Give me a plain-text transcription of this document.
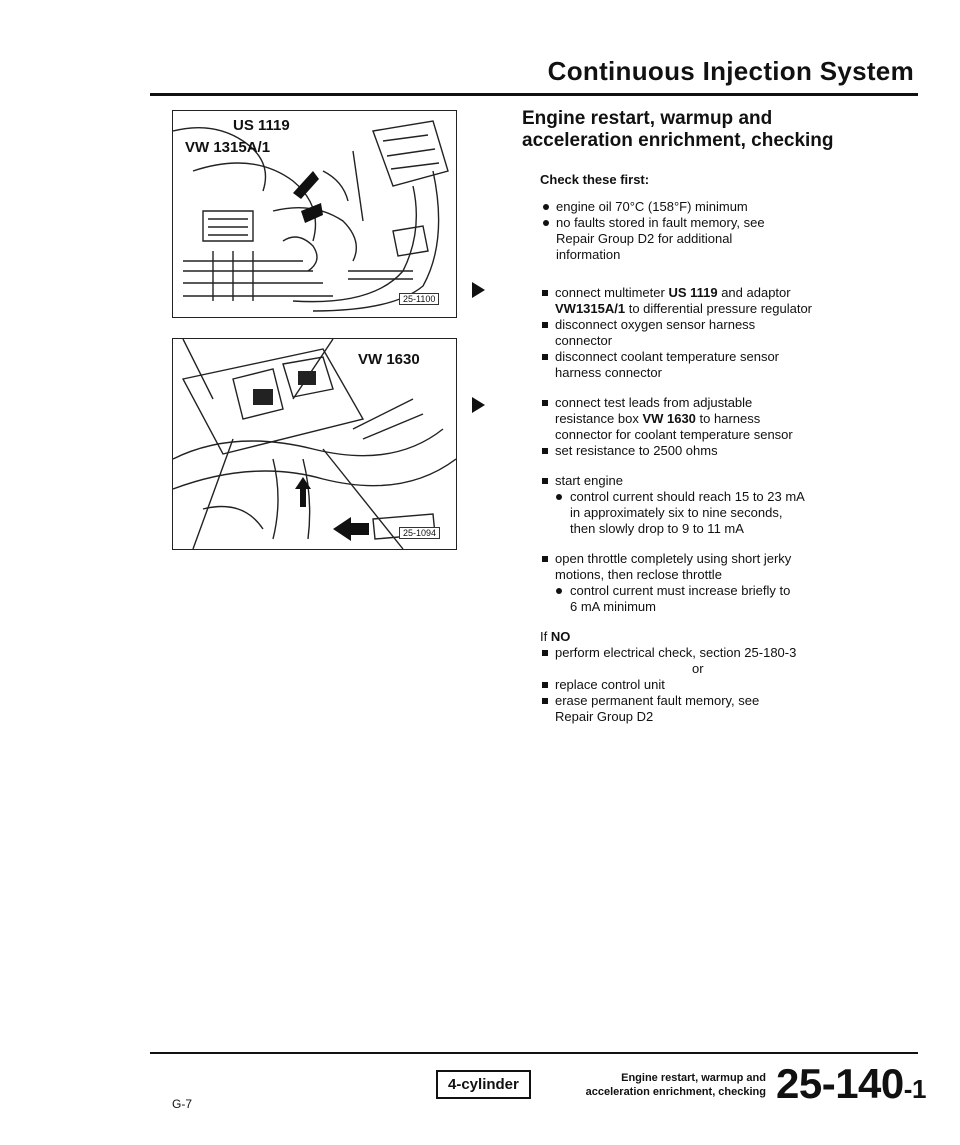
Continuous Injection System
US 1119
VW 1315A/1
25-1100
VW 1630
25-1094
Engine restart, warmup and
acceleration enrichment, checking
Check these first:

engine oil 70°C (158°F) minimum

no faults stored in fault memory, see

Repair Group D2 for additional

information

connect multimeter US 1119 and adaptor

VW1315A/1 to differential pressure regulator

disconnect oxygen sensor harness

connector

disconnect coolant temperature sensor

harness connector

connect test leads from adjustable

resistance box VW 1630 to harness

connector for coolant temperature sensor

set resistance to 2500 ohms

start engine

control current should reach 15 to 23 mA

in approximately six to nine seconds,

then slowly drop to 9 to 11 mA

open throttle completely using short jerky

motions, then reclose throttle

control current must increase briefly to

6 mA minimum

If NO

perform electrical check, section 25-180-3

or

replace control unit

erase permanent fault memory, see

Repair Group D2

G-7
4-cylinder	Engine restart, warmup and
acceleration enrichment, checking 25-140-1
